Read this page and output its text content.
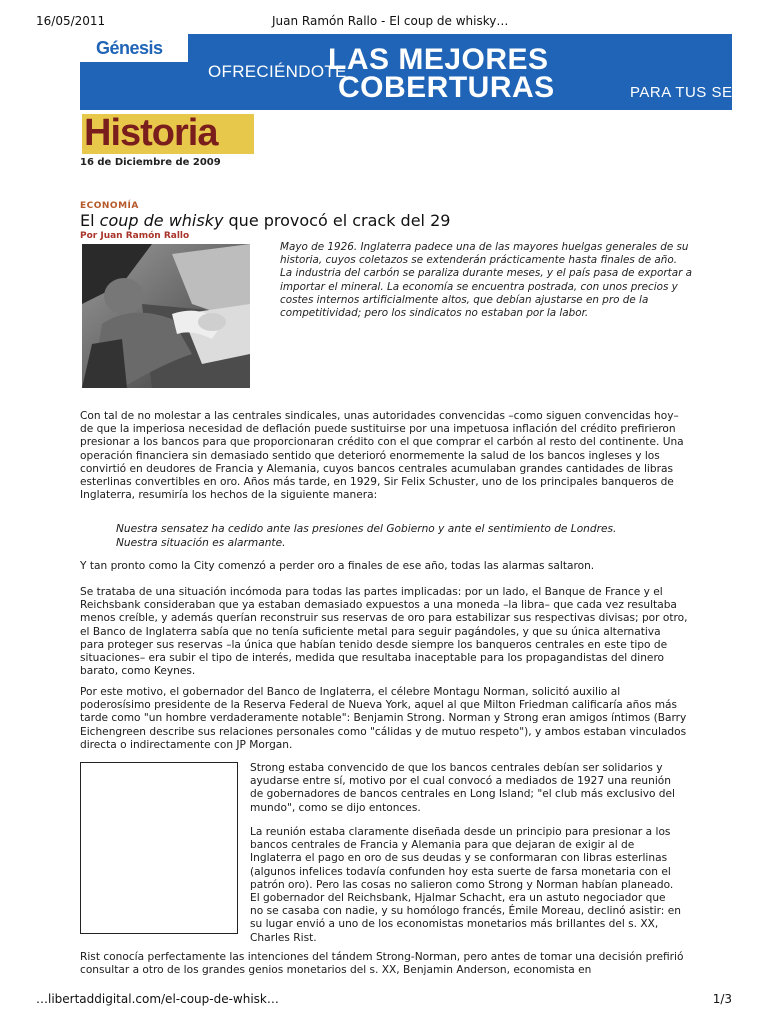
16/05/2011	Juan Ramón Rallo - El coup de whisky…
Génesis
OFRECIÉNDOTE
LAS MEJORES
COBERTURAS	PARA TUS SEG
Historia
16 de Diciembre de 2009
ECONOMÍA
El coup de whisky que provocó el crack del 29
Por Juan Ramón Rallo

Mayo de 1926. Inglaterra padece una de las mayores huelgas generales de su historia, cuyos coletazos se extenderán prácticamente hasta finales de año. La industria del carbón se paraliza durante meses, y el país pasa de exportar a importar el mineral. La economía se encuentra postrada, con unos precios y costes internos artificialmente altos, que debían ajustarse en pro de la competitividad; pero los sindicatos no estaban por la labor.

Con tal de no molestar a las centrales sindicales, unas autoridades convencidas –como siguen convencidas hoy– de que la imperiosa necesidad de deflación puede sustituirse por una impetuosa inflación del crédito prefirieron presionar a los bancos para que proporcionaran crédito con el que comprar el carbón al resto del continente. Una operación financiera sin demasiado sentido que deterioró enormemente la salud de los bancos ingleses y los convirtió en deudores de Francia y Alemania, cuyos bancos centrales acumulaban grandes cantidades de libras esterlinas convertibles en oro. Años más tarde, en 1929, Sir Felix Schuster, uno de los principales banqueros de Inglaterra, resumiría los hechos de la siguiente manera:

Nuestra sensatez ha cedido ante las presiones del Gobierno y ante el sentimiento de Londres.

Nuestra situación es alarmante.

Y tan pronto como la City comenzó a perder oro a finales de ese año, todas las alarmas saltaron.

Se trataba de una situación incómoda para todas las partes implicadas: por un lado, el Banque de France y el Reichsbank consideraban que ya estaban demasiado expuestos a una moneda –la libra– que cada vez resultaba menos creíble, y además querían reconstruir sus reservas de oro para estabilizar sus respectivas divisas; por otro, el Banco de Inglaterra sabía que no tenía suficiente metal para seguir pagándoles, y que su única alternativa para proteger sus reservas –la única que habían tenido desde siempre los banqueros centrales en este tipo de situaciones– era subir el tipo de interés, medida que resultaba inaceptable para los propagandistas del dinero barato, como Keynes.

Por este motivo, el gobernador del Banco de Inglaterra, el célebre Montagu Norman, solicitó auxilio al poderosísimo presidente de la Reserva Federal de Nueva York, aquel al que Milton Friedman calificaría años más tarde como "un hombre verdaderamente notable": Benjamin Strong. Norman y Strong eran amigos íntimos (Barry Eichengreen describe sus relaciones personales como "cálidas y de mutuo respeto"), y ambos estaban vinculados directa o indirectamente con JP Morgan.

Strong estaba convencido de que los bancos centrales debían ser solidarios y ayudarse entre sí, motivo por el cual convocó a mediados de 1927 una reunión de gobernadores de bancos centrales en Long Island; "el club más exclusivo del mundo", como se dijo entonces.

La reunión estaba claramente diseñada desde un principio para presionar a los bancos centrales de Francia y Alemania para que dejaran de exigir al de Inglaterra el pago en oro de sus deudas y se conformaran con libras esterlinas (algunos infelices todavía confunden hoy esta suerte de farsa monetaria con el patrón oro). Pero las cosas no salieron como Strong y Norman habían planeado. El gobernador del Reichsbank, Hjalmar Schacht, era un astuto negociador que no se casaba con nadie, y su homólogo francés, Émile Moreau, declinó asistir: en su lugar envió a uno de los economistas monetarios más brillantes del s. XX, Charles Rist.

Rist conocía perfectamente las intenciones del tándem Strong-Norman, pero antes de tomar una decisión prefirió consultar a otro de los grandes genios monetarios del s. XX, Benjamin Anderson, economista en

…libertaddigital.com/el-coup-de-whisk…	1/3
